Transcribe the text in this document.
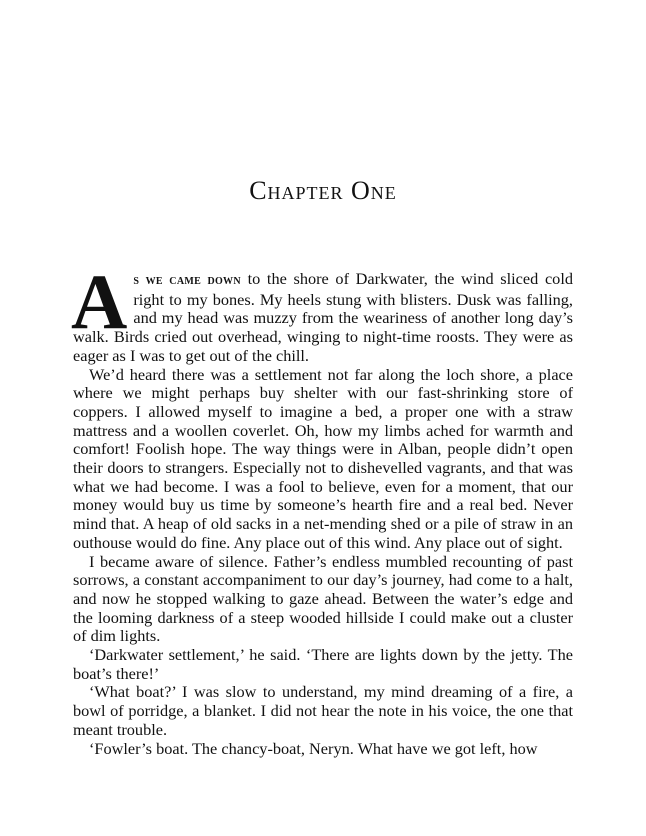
Chapter One

As we came down to the shore of Darkwater, the wind sliced cold right to my bones. My heels stung with blisters. Dusk was falling, and my head was muzzy from the weariness of another long day’s walk. Birds cried out overhead, winging to night-time roosts. They were as eager as I was to get out of the chill.

We’d heard there was a settlement not far along the loch shore, a place where we might perhaps buy shelter with our fast-shrinking store of coppers. I allowed myself to imagine a bed, a proper one with a straw mattress and a woollen coverlet. Oh, how my limbs ached for warmth and comfort! Foolish hope. The way things were in Alban, people didn’t open their doors to strangers. Especially not to dishevelled vagrants, and that was what we had become. I was a fool to believe, even for a moment, that our money would buy us time by someone’s hearth fire and a real bed. Never mind that. A heap of old sacks in a net-mending shed or a pile of straw in an outhouse would do fine. Any place out of this wind. Any place out of sight.

I became aware of silence. Father’s endless mumbled recounting of past sorrows, a constant accompaniment to our day’s journey, had come to a halt, and now he stopped walking to gaze ahead. Between the water’s edge and the looming darkness of a steep wooded hillside I could make out a cluster of dim lights.

‘Darkwater settlement,’ he said. ‘There are lights down by the jetty. The boat’s there!’

‘What boat?’ I was slow to understand, my mind dreaming of a fire, a bowl of porridge, a blanket. I did not hear the note in his voice, the one that meant trouble.

‘Fowler’s boat. The chancy-boat, Neryn. What have we got left, how
